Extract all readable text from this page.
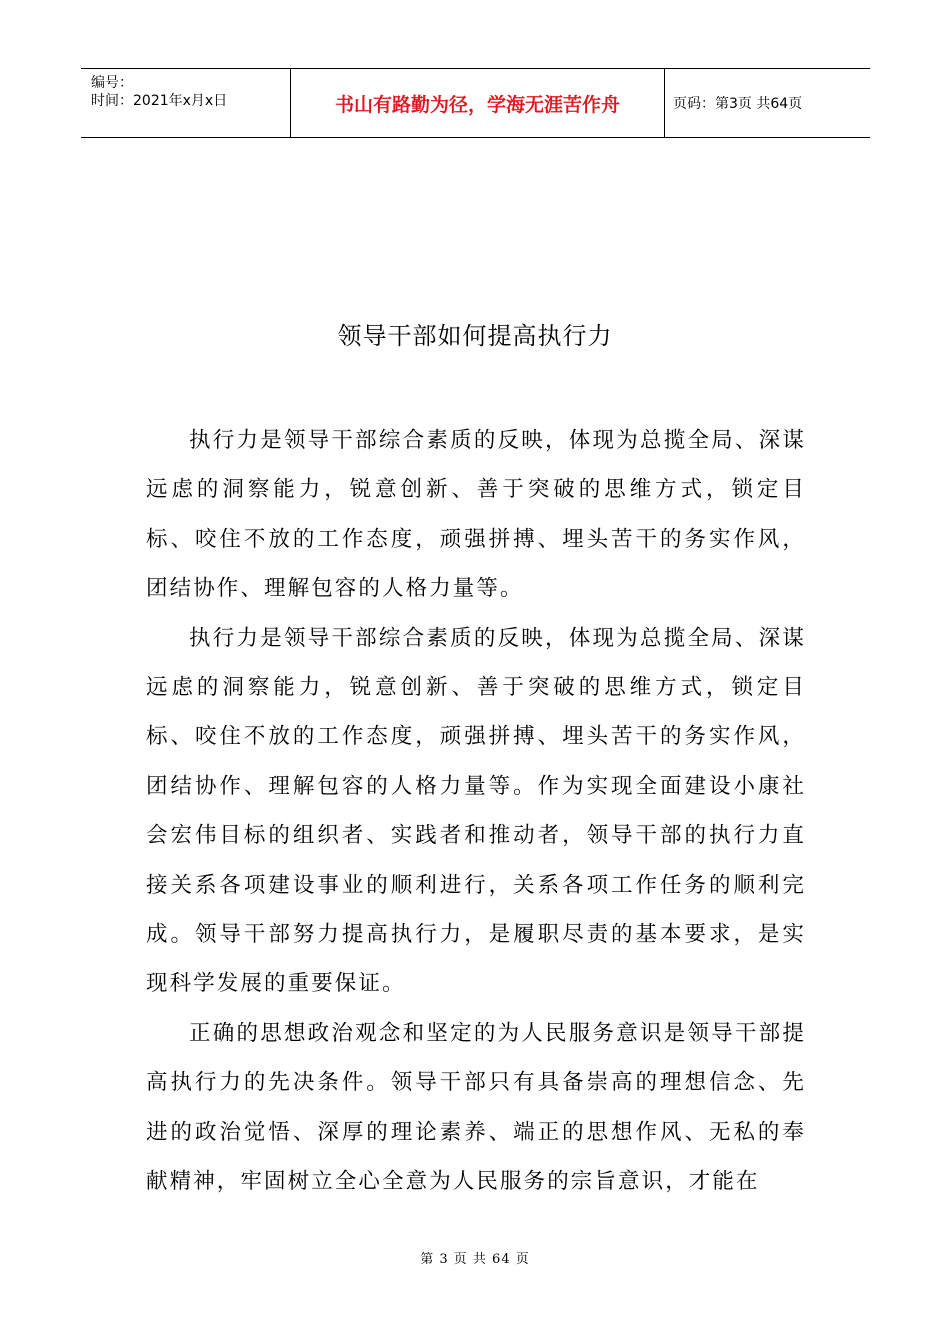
编号：
时间：2021年x月x日	书山有路勤为径，学海无涯苦作舟	页码：第3页 共64页
领导干部如何提高执行力

执行力是领导干部综合素质的反映，体现为总揽全局、深谋远虑的洞察能力，锐意创新、善于突破的思维方式，锁定目标、咬住不放的工作态度，顽强拼搏、埋头苦干的务实作风，团结协作、理解包容的人格力量等。

执行力是领导干部综合素质的反映，体现为总揽全局、深谋远虑的洞察能力，锐意创新、善于突破的思维方式，锁定目标、咬住不放的工作态度，顽强拼搏、埋头苦干的务实作风，团结协作、理解包容的人格力量等。作为实现全面建设小康社会宏伟目标的组织者、实践者和推动者，领导干部的执行力直接关系各项建设事业的顺利进行，关系各项工作任务的顺利完成。领导干部努力提高执行力，是履职尽责的基本要求，是实现科学发展的重要保证。

正确的思想政治观念和坚定的为人民服务意识是领导干部提高执行力的先决条件。领导干部只有具备崇高的理想信念、先进的政治觉悟、深厚的理论素养、端正的思想作风、无私的奉献精神，牢固树立全心全意为人民服务的宗旨意识，才能在

第 3 页 共 64 页
